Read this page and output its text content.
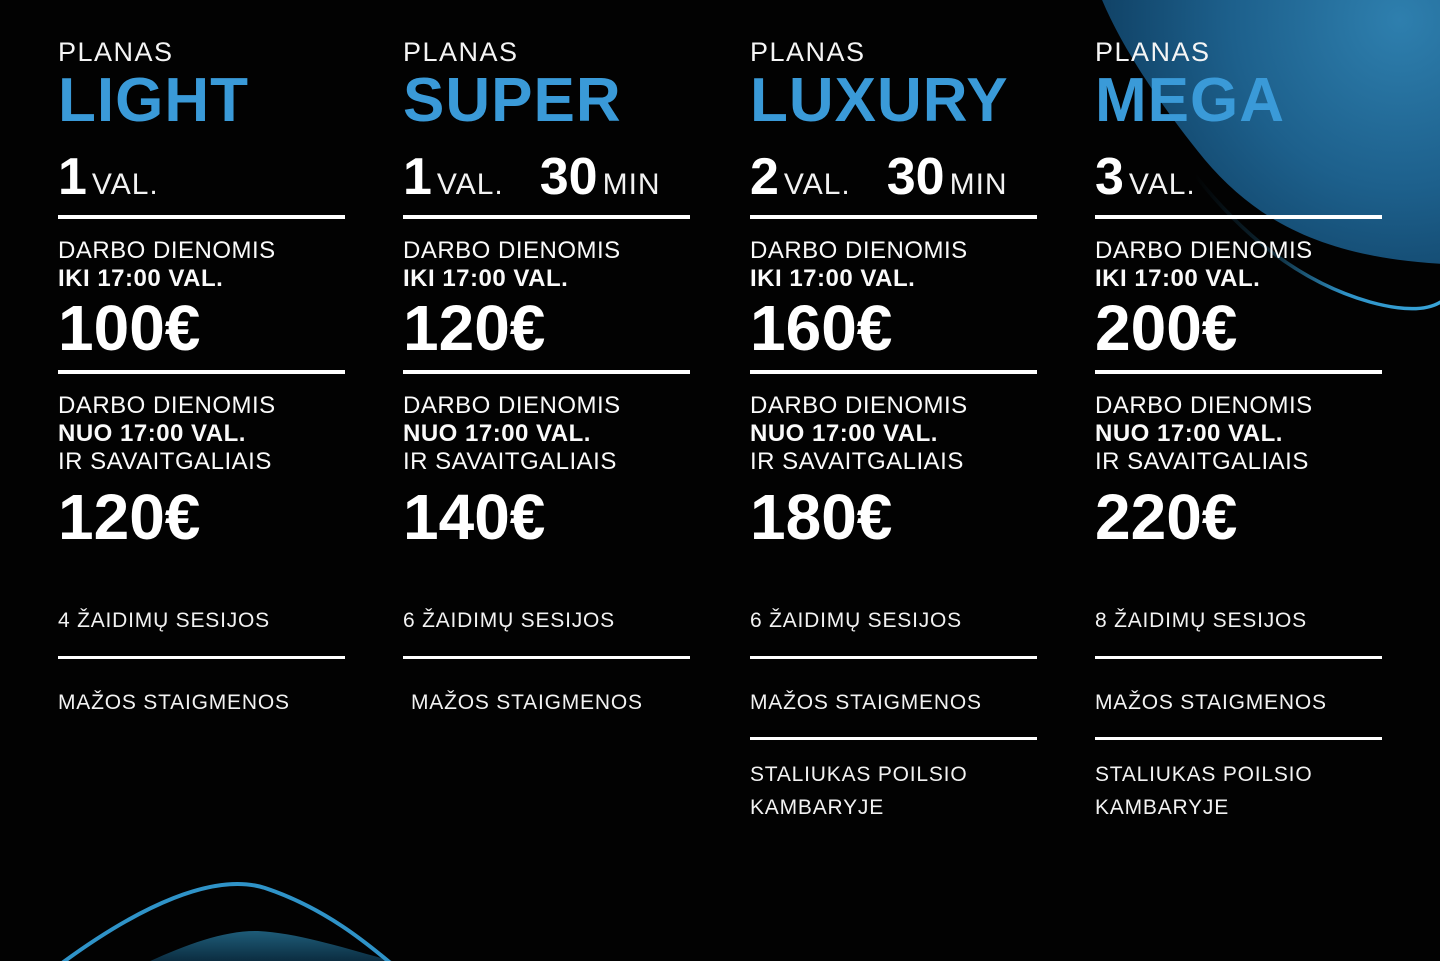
PLANAS
LIGHT
1 VAL.
DARBO DIENOMIS
IKI 17:00 VAL.
100€
DARBO DIENOMIS
NUO 17:00 VAL.
IR SAVAITGALIAIS
120€
4 ŽAIDIMŲ SESIJOS
MAŽOS STAIGMENOS
PLANAS
SUPER
1 VAL. 30 MIN
DARBO DIENOMIS
IKI 17:00 VAL.
120€
DARBO DIENOMIS
NUO 17:00 VAL.
IR SAVAITGALIAIS
140€
6 ŽAIDIMŲ SESIJOS
MAŽOS STAIGMENOS
PLANAS
LUXURY
2 VAL. 30 MIN
DARBO DIENOMIS
IKI 17:00 VAL.
160€
DARBO DIENOMIS
NUO 17:00 VAL.
IR SAVAITGALIAIS
180€
6 ŽAIDIMŲ SESIJOS
MAŽOS STAIGMENOS
STALIUKAS POILSIO KAMBARYJE
PLANAS
MEGA
3 VAL.
DARBO DIENOMIS
IKI 17:00 VAL.
200€
DARBO DIENOMIS
NUO 17:00 VAL.
IR SAVAITGALIAIS
220€
8 ŽAIDIMŲ SESIJOS
MAŽOS STAIGMENOS
STALIUKAS POILSIO KAMBARYJE
